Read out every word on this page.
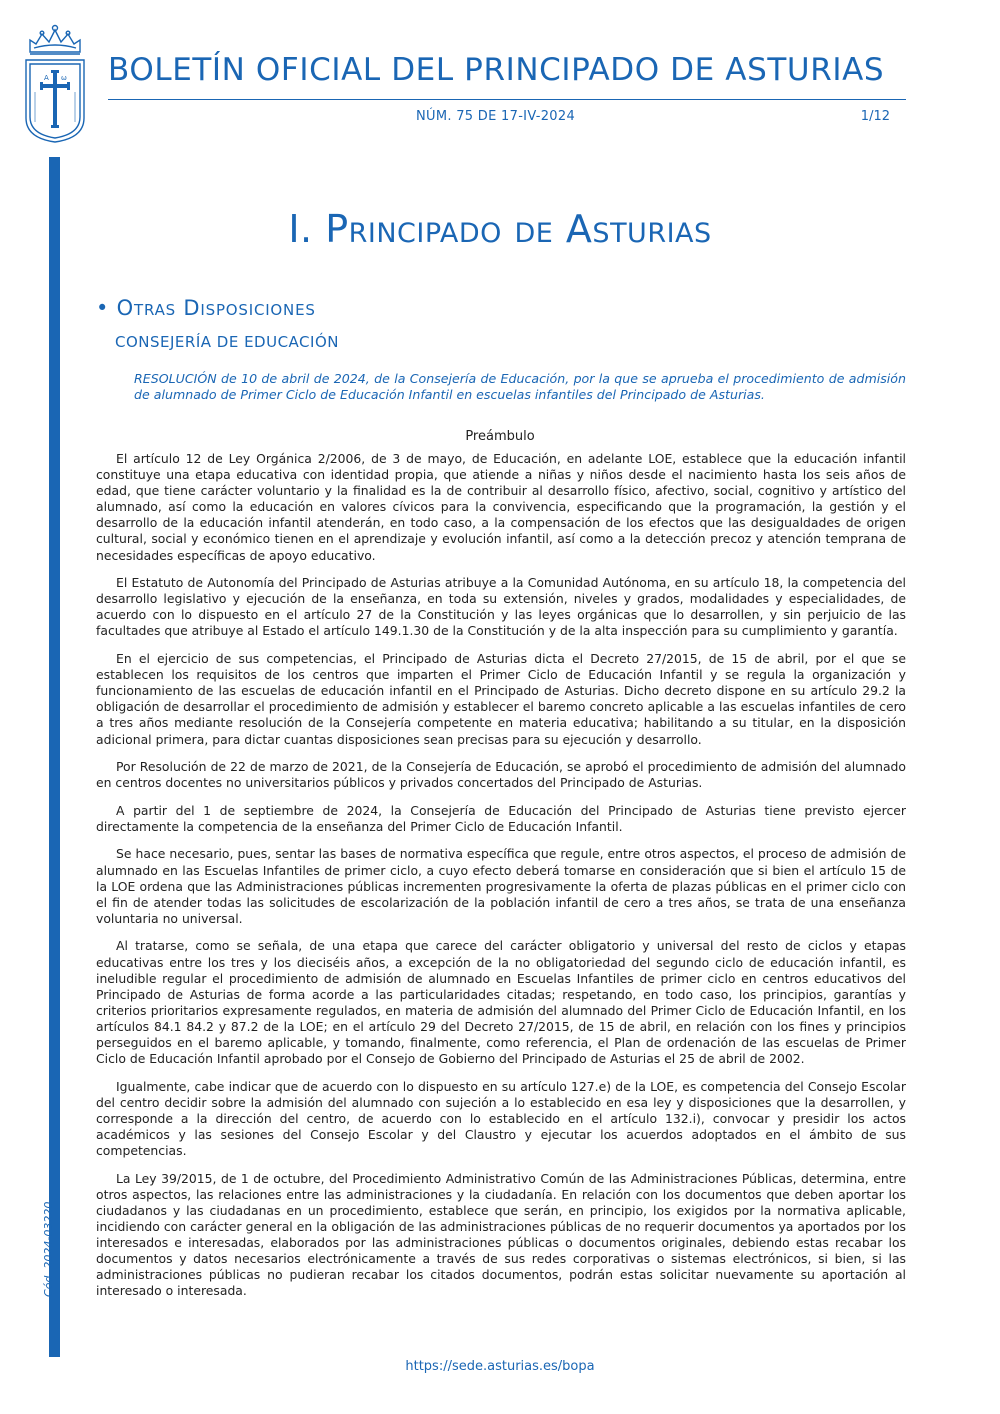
A ω BOLETÍN OFICIAL DEL PRINCIPADO DE ASTURIAS
NÚM. 75 DE 17-IV-2024	1/12
Cód. 2024-03220
I. Principado de Asturias
• Otras Disposiciones
CONSEJERÍA DE EDUCACIÓN
RESOLUCIÓN de 10 de abril de 2024, de la Consejería de Educación, por la que se aprueba el procedimiento de admisión de alumnado de Primer Ciclo de Educación Infantil en escuelas infantiles del Principado de Asturias.
Preámbulo

El artículo 12 de Ley Orgánica 2/2006, de 3 de mayo, de Educación, en adelante LOE, establece que la educación infantil constituye una etapa educativa con identidad propia, que atiende a niñas y niños desde el nacimiento hasta los seis años de edad, que tiene carácter voluntario y la finalidad es la de contribuir al desarrollo físico, afectivo, social, cognitivo y artístico del alumnado, así como la educación en valores cívicos para la convivencia, especificando que la programación, la gestión y el desarrollo de la educación infantil atenderán, en todo caso, a la compensación de los efectos que las desigualdades de origen cultural, social y económico tienen en el aprendizaje y evolución infantil, así como a la detección precoz y atención temprana de necesidades específicas de apoyo educativo.

El Estatuto de Autonomía del Principado de Asturias atribuye a la Comunidad Autónoma, en su artículo 18, la competencia del desarrollo legislativo y ejecución de la enseñanza, en toda su extensión, niveles y grados, modalidades y especialidades, de acuerdo con lo dispuesto en el artículo 27 de la Constitución y las leyes orgánicas que lo desarrollen, y sin perjuicio de las facultades que atribuye al Estado el artículo 149.1.30 de la Constitución y de la alta inspección para su cumplimiento y garantía.

En el ejercicio de sus competencias, el Principado de Asturias dicta el Decreto 27/2015, de 15 de abril, por el que se establecen los requisitos de los centros que imparten el Primer Ciclo de Educación Infantil y se regula la organización y funcionamiento de las escuelas de educación infantil en el Principado de Asturias. Dicho decreto dispone en su artículo 29.2 la obligación de desarrollar el procedimiento de admisión y establecer el baremo concreto aplicable a las escuelas infantiles de cero a tres años mediante resolución de la Consejería competente en materia educativa; habilitando a su titular, en la disposición adicional primera, para dictar cuantas disposiciones sean precisas para su ejecución y desarrollo.

Por Resolución de 22 de marzo de 2021, de la Consejería de Educación, se aprobó el procedimiento de admisión del alumnado en centros docentes no universitarios públicos y privados concertados del Principado de Asturias.

A partir del 1 de septiembre de 2024, la Consejería de Educación del Principado de Asturias tiene previsto ejercer directamente la competencia de la enseñanza del Primer Ciclo de Educación Infantil.

Se hace necesario, pues, sentar las bases de normativa específica que regule, entre otros aspectos, el proceso de admisión de alumnado en las Escuelas Infantiles de primer ciclo, a cuyo efecto deberá tomarse en consideración que si bien el artículo 15 de la LOE ordena que las Administraciones públicas incrementen progresivamente la oferta de plazas públicas en el primer ciclo con el fin de atender todas las solicitudes de escolarización de la población infantil de cero a tres años, se trata de una enseñanza voluntaria no universal.

Al tratarse, como se señala, de una etapa que carece del carácter obligatorio y universal del resto de ciclos y etapas educativas entre los tres y los dieciséis años, a excepción de la no obligatoriedad del segundo ciclo de educación infantil, es ineludible regular el procedimiento de admisión de alumnado en Escuelas Infantiles de primer ciclo en centros educativos del Principado de Asturias de forma acorde a las particularidades citadas; respetando, en todo caso, los principios, garantías y criterios prioritarios expresamente regulados, en materia de admisión del alumnado del Primer Ciclo de Educación Infantil, en los artículos 84.1 84.2 y 87.2 de la LOE; en el artículo 29 del Decreto 27/2015, de 15 de abril, en relación con los fines y principios perseguidos en el baremo aplicable, y tomando, finalmente, como referencia, el Plan de ordenación de las escuelas de Primer Ciclo de Educación Infantil aprobado por el Consejo de Gobierno del Principado de Asturias el 25 de abril de 2002.

Igualmente, cabe indicar que de acuerdo con lo dispuesto en su artículo 127.e) de la LOE, es competencia del Consejo Escolar del centro decidir sobre la admisión del alumnado con sujeción a lo establecido en esa ley y disposiciones que la desarrollen, y corresponde a la dirección del centro, de acuerdo con lo establecido en el artículo 132.i), convocar y presidir los actos académicos y las sesiones del Consejo Escolar y del Claustro y ejecutar los acuerdos adoptados en el ámbito de sus competencias.

La Ley 39/2015, de 1 de octubre, del Procedimiento Administrativo Común de las Administraciones Públicas, determina, entre otros aspectos, las relaciones entre las administraciones y la ciudadanía. En relación con los documentos que deben aportar los ciudadanos y las ciudadanas en un procedimiento, establece que serán, en principio, los exigidos por la normativa aplicable, incidiendo con carácter general en la obligación de las administraciones públicas de no requerir documentos ya aportados por los interesados e interesadas, elaborados por las administraciones públicas o documentos originales, debiendo estas recabar los documentos y datos necesarios electrónicamente a través de sus redes corporativas o sistemas electrónicos, si bien, si las administraciones públicas no pudieran recabar los citados documentos, podrán estas solicitar nuevamente su aportación al interesado o interesada.

https://sede.asturias.es/bopa
